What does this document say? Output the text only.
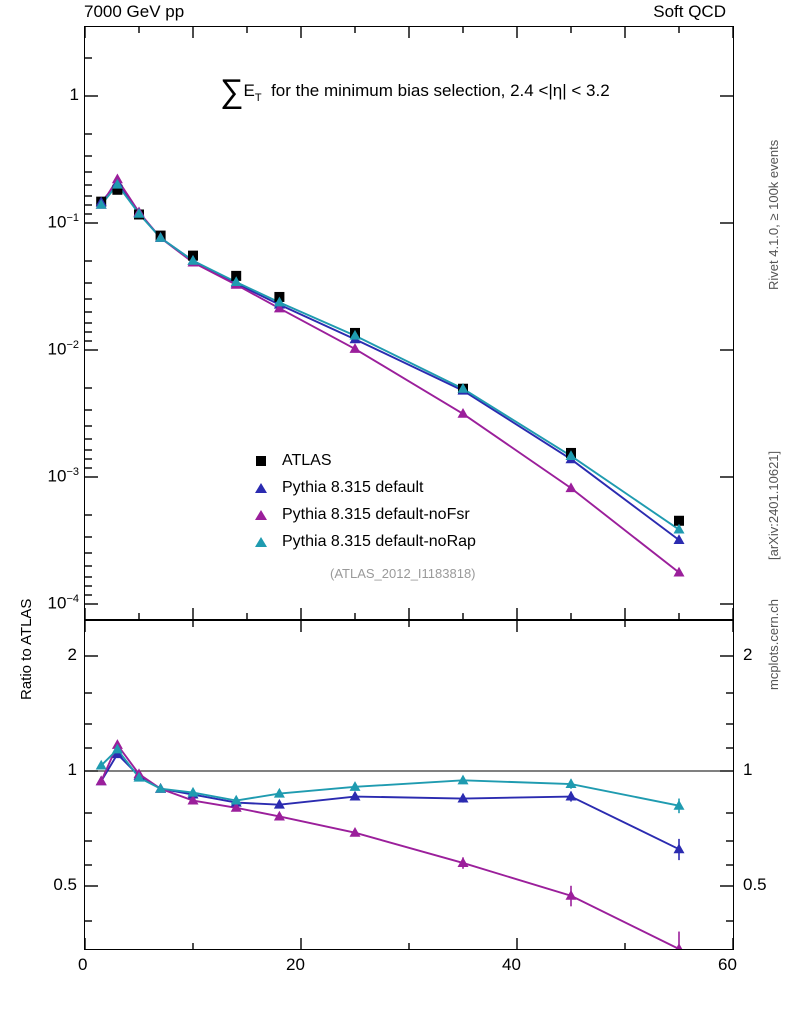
7000 GeV pp	Soft QCD
Rivet 4.1.0, ≥ 100k events
[arXiv:2401.10621]
1
$10^{-1}$
$10^{-2}$
$10^{-3}$
$10^{-4}$
$\sum E_T$ for the minimum bias selection, 2.4 <|η| < 3.2
ATLAS
Pythia 8.315 default
Pythia 8.315 default-noFsr
Pythia 8.315 default-noRap
(ATLAS_2012_I1183818)
mcplots.cern.ch
2
1
0.5
2
1
0.5
0	20	40	60
Ratio to ATLAS
